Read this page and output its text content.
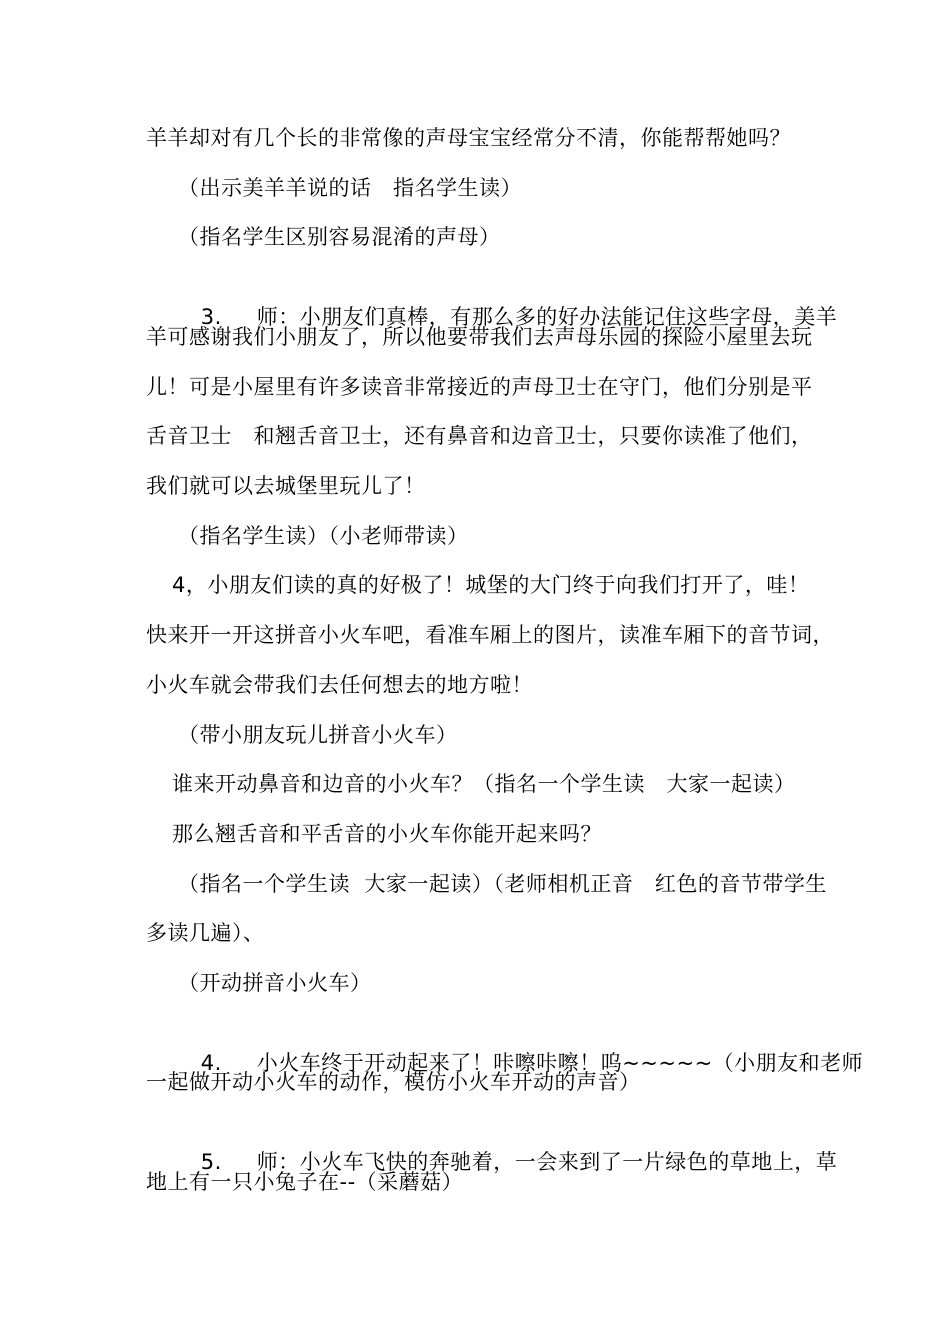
羊羊却对有几个长的非常像的声母宝宝经常分不清，你能帮帮她吗？
（出示美羊羊说的话   指名学生读）
（指名学生区别容易混淆的声母）

3. 师：小朋友们真棒，有那么多的好办法能记住这些字母，美羊

羊可感谢我们小朋友了，所以他要带我们去声母乐园的探险小屋里去玩
儿！可是小屋里有许多读音非常接近的声母卫士在守门，他们分别是平
舌音卫士   和翘舌音卫士，还有鼻音和边音卫士，只要你读准了他们，
我们就可以去城堡里玩儿了！
（指名学生读）（小老师带读）
4，小朋友们读的真的好极了！城堡的大门终于向我们打开了，哇！
快来开一开这拼音小火车吧，看准车厢上的图片，读准车厢下的音节词，
小火车就会带我们去任何想去的地方啦！
（带小朋友玩儿拼音小火车）
谁来开动鼻音和边音的小火车？（指名一个学生读   大家一起读）
那么翘舌音和平舌音的小火车你能开起来吗？
（指名一个学生读  大家一起读）（老师相机正音   红色的音节带学生
多读几遍）、
（开动拼音小火车）

4. 小火车终于开动起来了！咔嚓咔嚓！呜~~~~~（小朋友和老师

一起做开动小火车的动作，模仿小火车开动的声音）

5. 师：小火车飞快的奔驰着，一会来到了一片绿色的草地上，草

地上有一只小兔子在--（采蘑菇）
